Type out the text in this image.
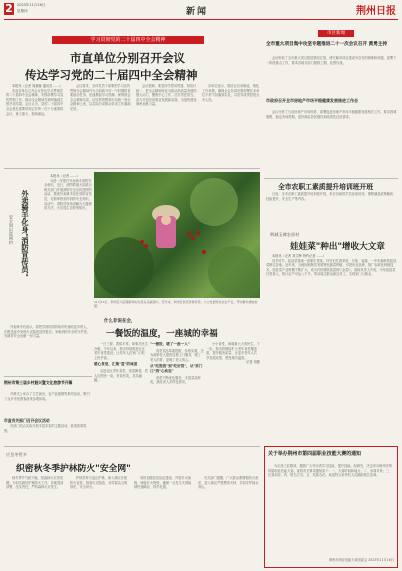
2	2023年11月16日
星期四	新闻	荆州日报
学习贯彻党的二十届四中全会精神
市直单位分别召开会议
传达学习党的二十届四中全会精神

本报讯（记者 周蓉蓉 通讯员 ……）

市直各单位召开会议传达学习贯彻党的二十届四中全会精神，安排部署学习宣传贯彻工作，推动全会精神在荆州落地生根开花结果。会议认为，党的二十届四中全会是在重要时刻召开的一次十分重要的会议，意义重大、影响深远。

会议要求，全体党员干部要把学习宣传贯彻全会精神作为当前和今后一个时期的首要政治任务，迅速掀起学习热潮，深刻领会全会精神实质，切实把思想和行动统一到全会精神上来，以实际行动推动各项工作落地见效。

会议强调，要坚持学思用贯通、知信行统一，把全会精神转化为推动高质量发展的强大动力，聚焦中心工作，扛牢责任担当，奋力开创各项事业发展新局面，为加快建设荆州贡献力量。

各单位表示，将结合自身职能，细化工作举措，确保全会各项决策部署在本单位不折不扣落到实处，以优异成绩回报全市人民。

市区新闻
全市重大项目集中攻坚专题推进二十一次会议召开 黄勇主持

会议听取了全市重大项目推进情况汇报，研究解决项目建设中存在的困难和问题，部署下一阶段重点工作，要求各地各部门倒排工期、挂图作战。

市政府召开全市房地产市场平稳健康发展推进工作会

会议分析了当前房地产市场形势，部署促进房地产市场平稳健康发展相关工作，要求因城施策，稳定市场预期，更好满足居民刚性和改善性住房需求。

外卖骑手化身"消防宣传员"
安全知识进网约

本报讯（记者 ……）

为进一步提升外卖骑手消防安全意识，近日，消防救援大队联合相关部门开展消防安全宣传进网约活动，邀请外卖骑手担任消防宣传员，走街串巷宣传消防安全知识。活动中，消防员现场讲解灭火器使用方法、火灾逃生自救等知识。

外卖骑手们表示，将把学到的消防知识传递给更多的人，在配送途中发现火灾隐患及时报告，争做消防安全的守护者，为城市安全贡献一份力量。

11月15日，荆州区川店镇紫荆村村民在采摘茶叶。近年来，荆州区依托资源优势，大力发展特色农业产业，带动群众增收致富。
荆州市第三届乡村振兴暨文化旅游节开幕

开幕式上举办了文艺演出、农产品展销等系列活动，吸引了众多市民游客前来参观体验。

市直有关部门召开会议活动

各部门结合实际开展丰富多彩的主题活动，营造浓厚氛围。

什么非说在会，
一餐饭的温度，一座城的幸福

一日三餐，看似平常，却事关民生冷暖。今年以来，我市持续推进社区老年食堂建设，让老年人在家门口吃上热乎饭。

暖心食堂，汇集"爱"的味道

走进社区老年食堂，饭菜飘香，老人们围坐一桌，有说有笑，其乐融融。

"一餐饭，暖了一座一人"

食堂菜品荤素搭配，价格实惠，还为高龄老人提供送餐上门服务，暖了老人的胃，更暖了老人的心。

从"吃饱饭"到"吃好饭"，从"家门口"到"心坎里"

食堂不断优化服务，丰富菜品种类，满足老人多样化需求。

小小食堂，承载着大大的民生。下一步，我市将继续扩大老年食堂覆盖面，提升服务质量，让更多老年人共享发展成果，感受城市温度。

记者 刘熙

全市农职工素质提升培训班开班

日前，全市农职工素质提升培训班开班，来自各地的学员参加培训，课程涵盖政策解读、技能提升、安全生产等内容。

荆城玉碑农原材
娃娃菜"种出"增收大文章

本报讯（记者 刘文辉 特约记者 ……）

初冬时节，娃娃菜基地一派繁忙景象，村民们忙着采收、分拣、装箱，一车车新鲜的娃娃菜销往各地。近年来，当地因地制宜发展特色蔬菜种植，引进优良品种，推广标准化种植技术，娃娃菜产业规模不断扩大，成为村民增收致富的\"金菜\"。基地负责人介绍，今年娃娃菜长势喜人，预计亩产可达八千斤，带动周边群众就近务工，实现家门口就业。

应急冬管多
织密秋冬季护林防火"安全网"

秋冬季节气候干燥，是森林火灾易发期。为切实做好护林防火工作，各地提前部署，压实责任，严防森林火灾发生。

护林员每天巡山护林，深入林区开展防火宣传，排查火灾隐患，劝导群众文明祭祀、安全用火。

同时加强应急队伍建设，开展扑火演练，储备扑火物资，确保一旦发生火情能够快速响应、科学处置。

有关部门提醒，广大群众要增强防火意识，进入林区严禁携带火种，共同守护绿水青山。

关于举办荆州市第四届职业技能大赛的通知

为弘扬工匠精神，激励广大劳动者学习技能、提升技能，经研究，决定举办荆州市第四届职业技能大赛。现将有关事项通知如下：一、大赛时间和地点；二、参赛对象；三、比赛项目；四、报名方式；五、奖励办法。欢迎符合条件的人员踊跃报名参赛。

荆州市职业技能大赛组委会 2023年11月16日
